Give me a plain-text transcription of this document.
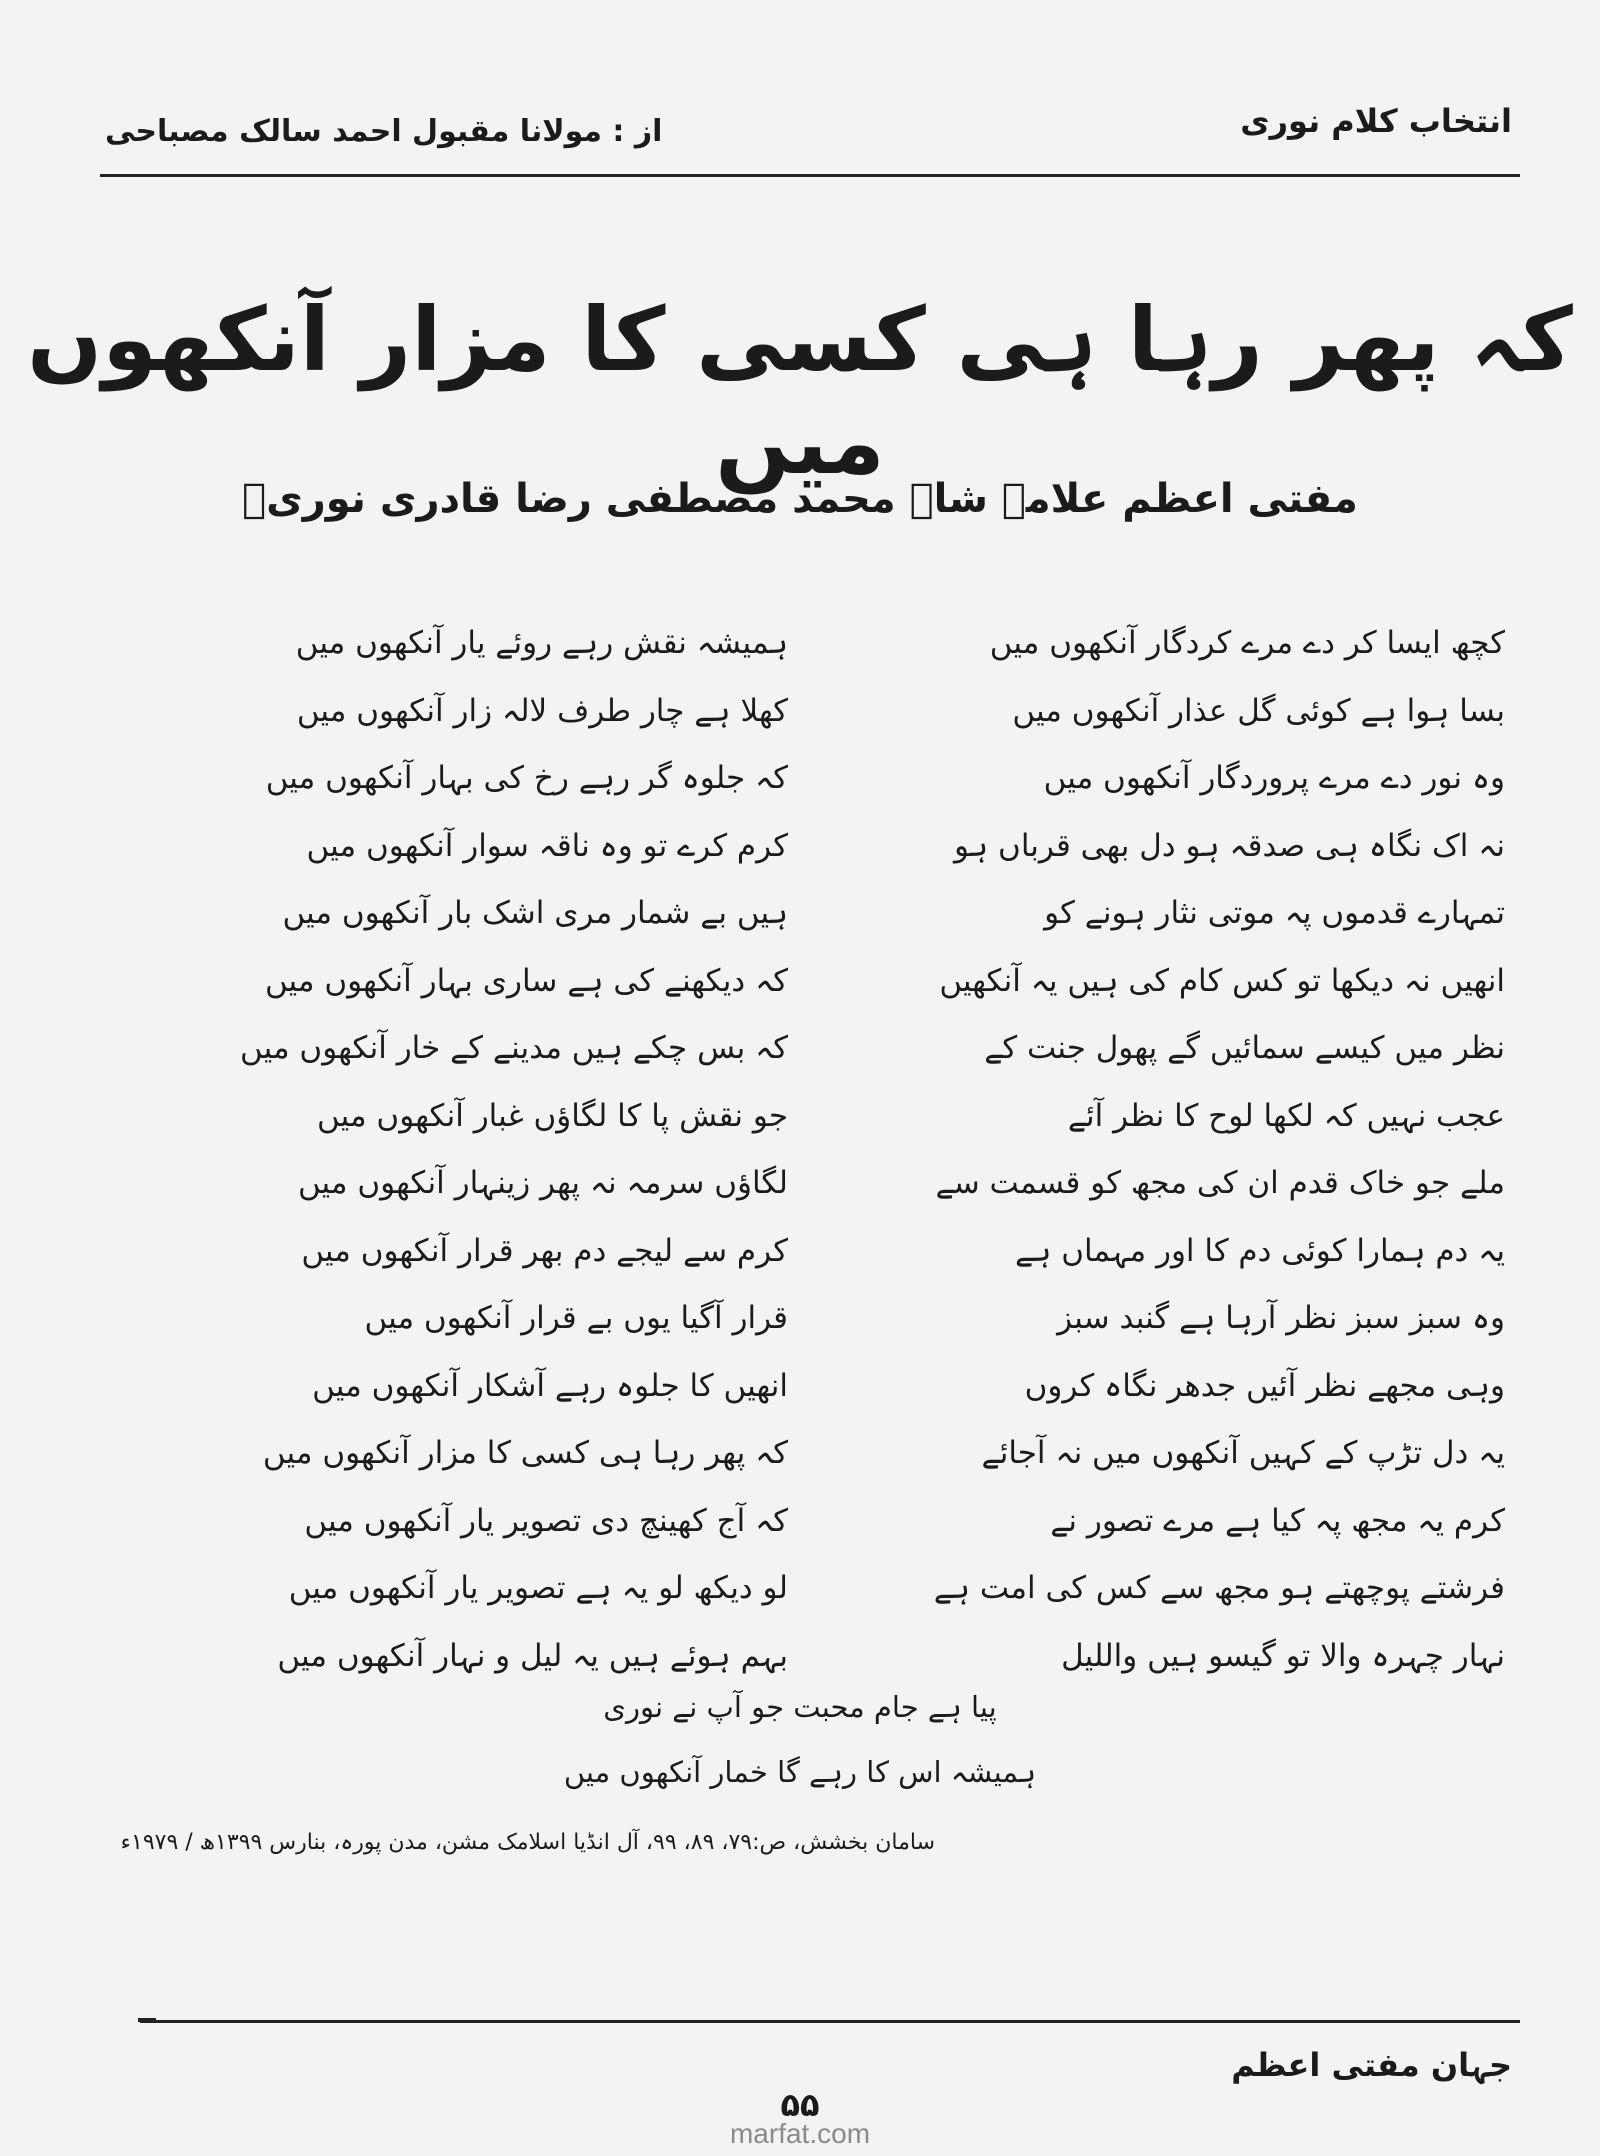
انتخاب کلام نوری
از : مولانا مقبول احمد سالک مصباحی
کہ پھر رہا ہی کسی کا مزار آنکھوں میں
مفتی اعظم علامہ شاہ محمد مصطفی رضا قادری نوریؔ
کچھ ایسا کر دے مرے کردگار آنکھوں میں
ہمیشہ نقش رہے روئے یار آنکھوں میں
بسا ہوا ہے کوئی گل عذار آنکھوں میں
کھلا ہے چار طرف لالہ زار آنکھوں میں
وہ نور دے مرے پروردگار آنکھوں میں
کہ جلوہ گر رہے رخ کی بہار آنکھوں میں
نہ اک نگاہ ہی صدقہ ہو دل بھی قرباں ہو
کرم کرے تو وہ ناقہ سوار آنکھوں میں
تمہارے قدموں پہ موتی نثار ہونے کو
ہیں بے شمار مری اشک بار آنکھوں میں
انھیں نہ دیکھا تو کس کام کی ہیں یہ آنکھیں
کہ دیکھنے کی ہے ساری بہار آنکھوں میں
نظر میں کیسے سمائیں گے پھول جنت کے
کہ بس چکے ہیں مدینے کے خار آنکھوں میں
عجب نہیں کہ لکھا لوح کا نظر آئے
جو نقش پا کا لگاؤں غبار آنکھوں میں
ملے جو خاک قدم ان کی مجھ کو قسمت سے
لگاؤں سرمہ نہ پھر زینہار آنکھوں میں
یہ دم ہمارا کوئی دم کا اور مہماں ہے
کرم سے لیجے دم بھر قرار آنکھوں میں
وہ سبز سبز نظر آرہا ہے گنبد سبز
قرار آگیا یوں بے قرار آنکھوں میں
وہی مجھے نظر آئیں جدھر نگاہ کروں
انھیں کا جلوہ رہے آشکار آنکھوں میں
یہ دل تڑپ کے کہیں آنکھوں میں نہ آجائے
کہ پھر رہا ہی کسی کا مزار آنکھوں میں
کرم یہ مجھ پہ کیا ہے مرے تصور نے
کہ آج کھینچ دی تصویر یار آنکھوں میں
فرشتے پوچھتے ہو مجھ سے کس کی امت ہے
لو دیکھ لو یہ ہے تصویر یار آنکھوں میں
نہار چہرہ والا تو گیسو ہیں واللیل
بہم ہوئے ہیں یہ لیل و نہار آنکھوں میں
پیا ہے جام محبت جو آپ نے نوری
ہمیشہ اس کا رہے گا خمار آنکھوں میں
سامان بخشش، ص:۷۹، ۸۹، ۹۹، آل انڈیا اسلامک مشن، مدن پورہ، بنارس ۱۳۹۹ھ / ۱۹۷۹ء
جہان مفتی اعظم
۵۵
marfat.com
